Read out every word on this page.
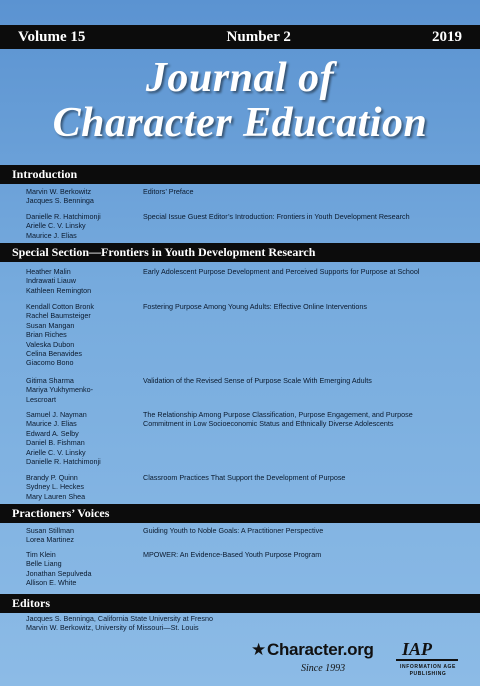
Volume 15	Number 2	2019
Journal of
Character Education
Introduction
Marvin W. Berkowitz
Jacques S. Benninga
Editors’ Preface
Danielle R. Hatchimonji
Arielle C. V. Linsky
Maurice J. Elias
Special Issue Guest Editor’s Introduction: Frontiers in Youth Development Research
Special Section—Frontiers in Youth Development Research
Heather Malin
Indrawati Liauw
Kathleen Remington
Early Adolescent Purpose Development and Perceived Supports for Purpose at School
Kendall Cotton Bronk
Rachel Baumsteiger
Susan Mangan
Brian Riches
Valeska Dubon
Celina Benavides
Giacomo Bono
Fostering Purpose Among Young Adults: Effective Online Interventions
Gitima Sharma
Mariya Yukhymenko-
Lescroart
Validation of the Revised Sense of Purpose Scale With Emerging Adults
Samuel J. Nayman
Maurice J. Elias
Edward A. Selby
Daniel B. Fishman
Arielle C. V. Linsky
Danielle R. Hatchimonji
The Relationship Among Purpose Classification, Purpose Engagement, and Purpose Commitment in Low Socioeconomic Status and Ethnically Diverse Adolescents
Brandy P. Quinn
Sydney L. Heckes
Mary Lauren Shea
Classroom Practices That Support the Development of Purpose
Practioners’ Voices
Susan Stillman
Lorea Martinez
Guiding Youth to Noble Goals: A Practitioner Perspective
Tim Klein
Belle Liang
Jonathan Sepulveda
Allison E. White
MPOWER: An Evidence-Based Youth Purpose Program
Editors
Jacques S. Benninga, California State University at Fresno
Marvin W. Berkowitz, University of Missouri—St. Louis
★ Character.org
Since 1993
IAP
INFORMATION AGE
PUBLISHING
